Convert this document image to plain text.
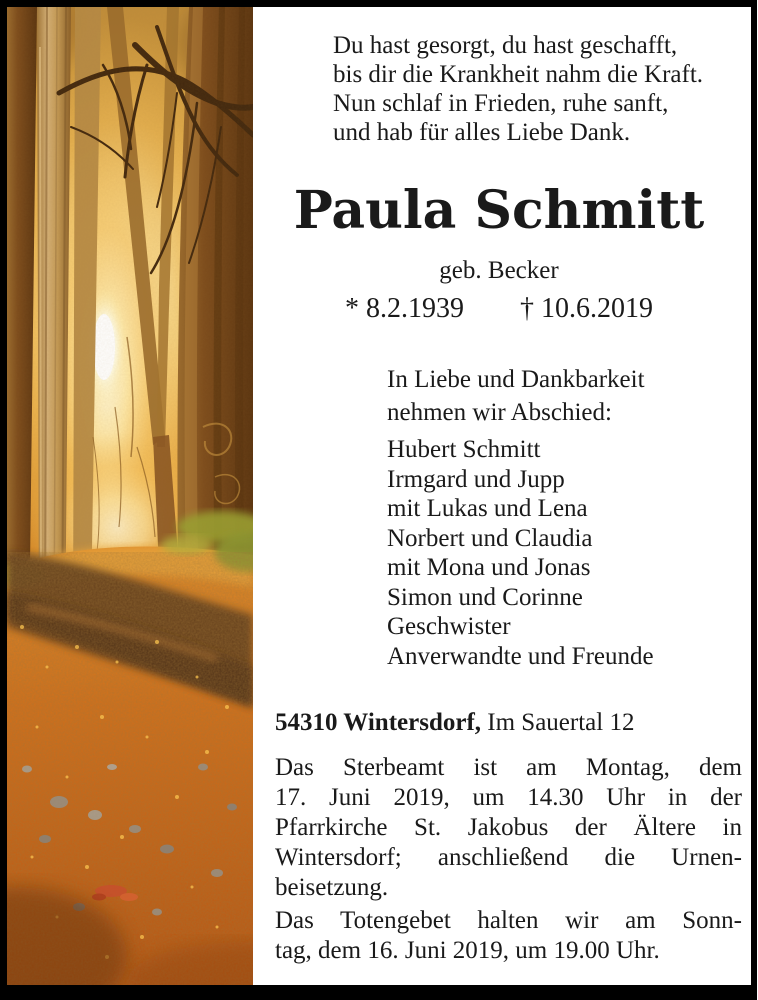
Du hast gesorgt, du hast geschafft,
bis dir die Krankheit nahm die Kraft.
Nun schlaf in Frieden, ruhe sanft,
und hab für alles Liebe Dank.
Paula Schmitt
geb. Becker
* 8.2.1939 † 10.6.2019
In Liebe und Dankbarkeit
nehmen wir Abschied:
Hubert Schmitt
Irmgard und Jupp
mit Lukas und Lena
Norbert und Claudia
mit Mona und Jonas
Simon und Corinne
Geschwister
Anverwandte und Freunde
54310 Wintersdorf, Im Sauertal 12
Das Sterbeamt ist am Montag, dem
17. Juni 2019, um 14.30 Uhr in der
Pfarrkirche St. Jakobus der Ältere in
Wintersdorf; anschließend die Urnen-
beisetzung.
Das Totengebet halten wir am Sonn-
tag, dem 16. Juni 2019, um 19.00 Uhr.
